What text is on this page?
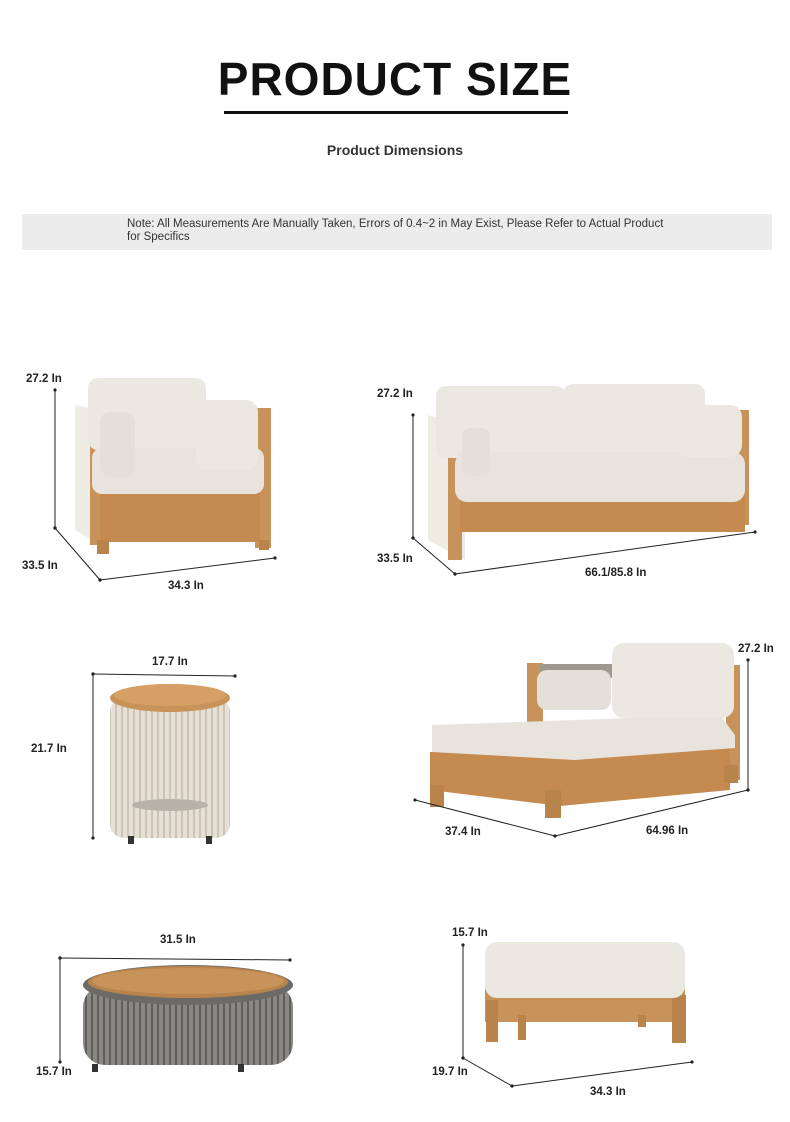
PRODUCT SIZE
Product Dimensions
Note: All Measurements Are Manually Taken, Errors of 0.4~2 in May Exist, Please Refer to Actual Product for Specifics
27.2 In
33.5 In
34.3 In
27.2 In
33.5 In
66.1/85.8 In
17.7 In
21.7 In
27.2 In
37.4 In	64.96 In
31.5 In
15.7 In
15.7 In
19.7 In
34.3 In
